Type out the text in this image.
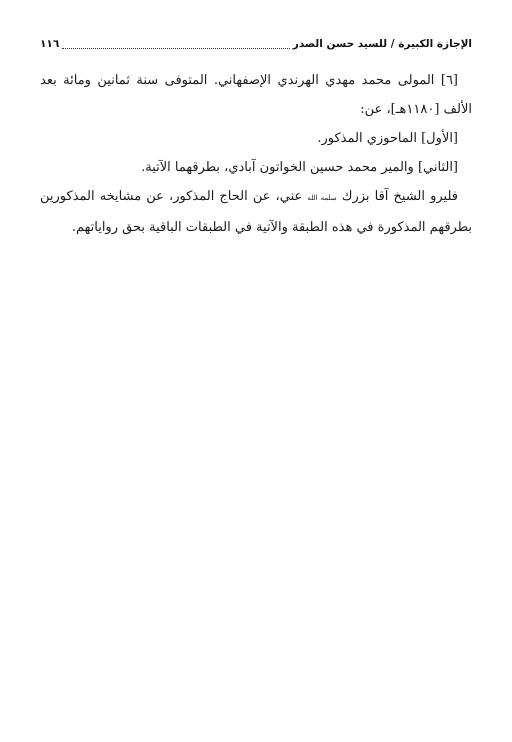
الإجازة الكبيرة / للسيد حسن الصدر
١١٦

[٦] المولى محمد مهدي الهرندي الإصفهاني. المتوفى سنة ثمانين ومائة بعد الألف [١١٨٠هـ]، عن:

[الأول] الماحوزي المذكور.

[الثاني] والمير محمد حسين الخواتون آبادي، بطرقهما الآتية.

فليرو الشيخ آقا بزرك سلمه الله عني، عن الحاج المذكور، عن مشايخه المذكورين بطرقهم المذكورة في هذه الطبقة والآتية في الطبقات الباقية بحق رواياتهم.
